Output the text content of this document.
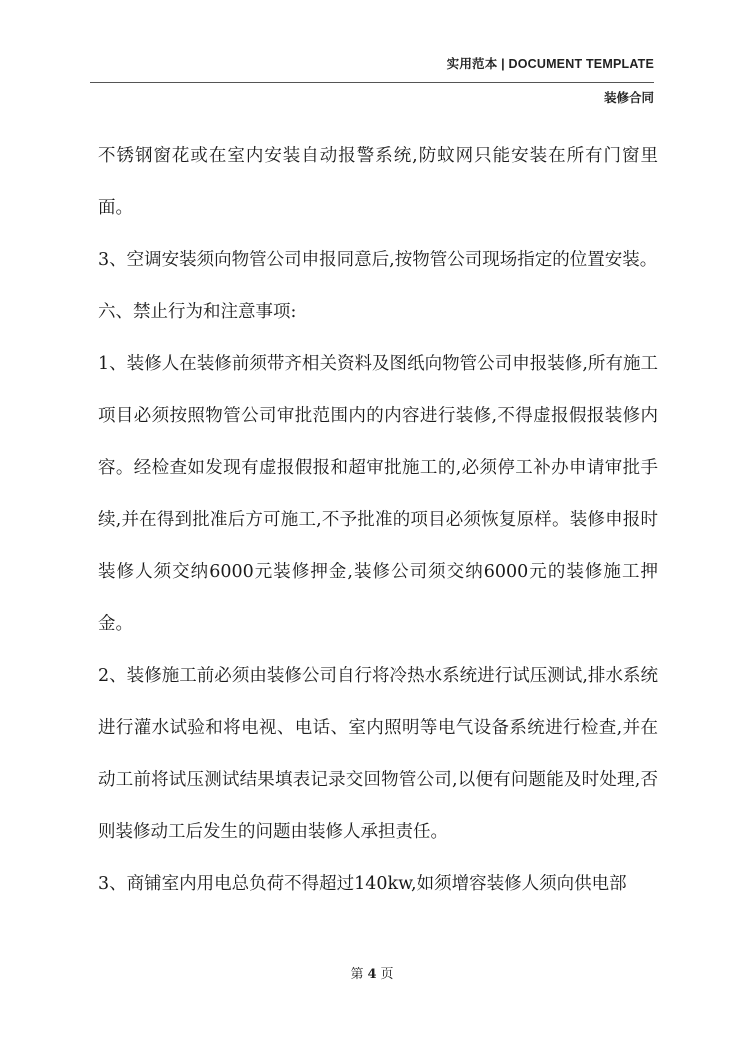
实用范本 | DOCUMENT TEMPLATE
装修合同

不锈钢窗花或在室内安装自动报警系统,防蚊网只能安装在所有门窗里面。

3、空调安装须向物管公司申报同意后,按物管公司现场指定的位置安装。

六、禁止行为和注意事项:

1、装修人在装修前须带齐相关资料及图纸向物管公司申报装修,所有施工项目必须按照物管公司审批范围内的内容进行装修,不得虚报假报装修内容。经检查如发现有虚报假报和超审批施工的,必须停工补办申请审批手续,并在得到批准后方可施工,不予批准的项目必须恢复原样。装修申报时装修人须交纳6000元装修押金,装修公司须交纳6000元的装修施工押金。

2、装修施工前必须由装修公司自行将冷热水系统进行试压测试,排水系统进行灌水试验和将电视、电话、室内照明等电气设备系统进行检查,并在动工前将试压测试结果填表记录交回物管公司,以便有问题能及时处理,否则装修动工后发生的问题由装修人承担责任。

3、商铺室内用电总负荷不得超过140kw,如须增容装修人须向供电部

第 4 页
